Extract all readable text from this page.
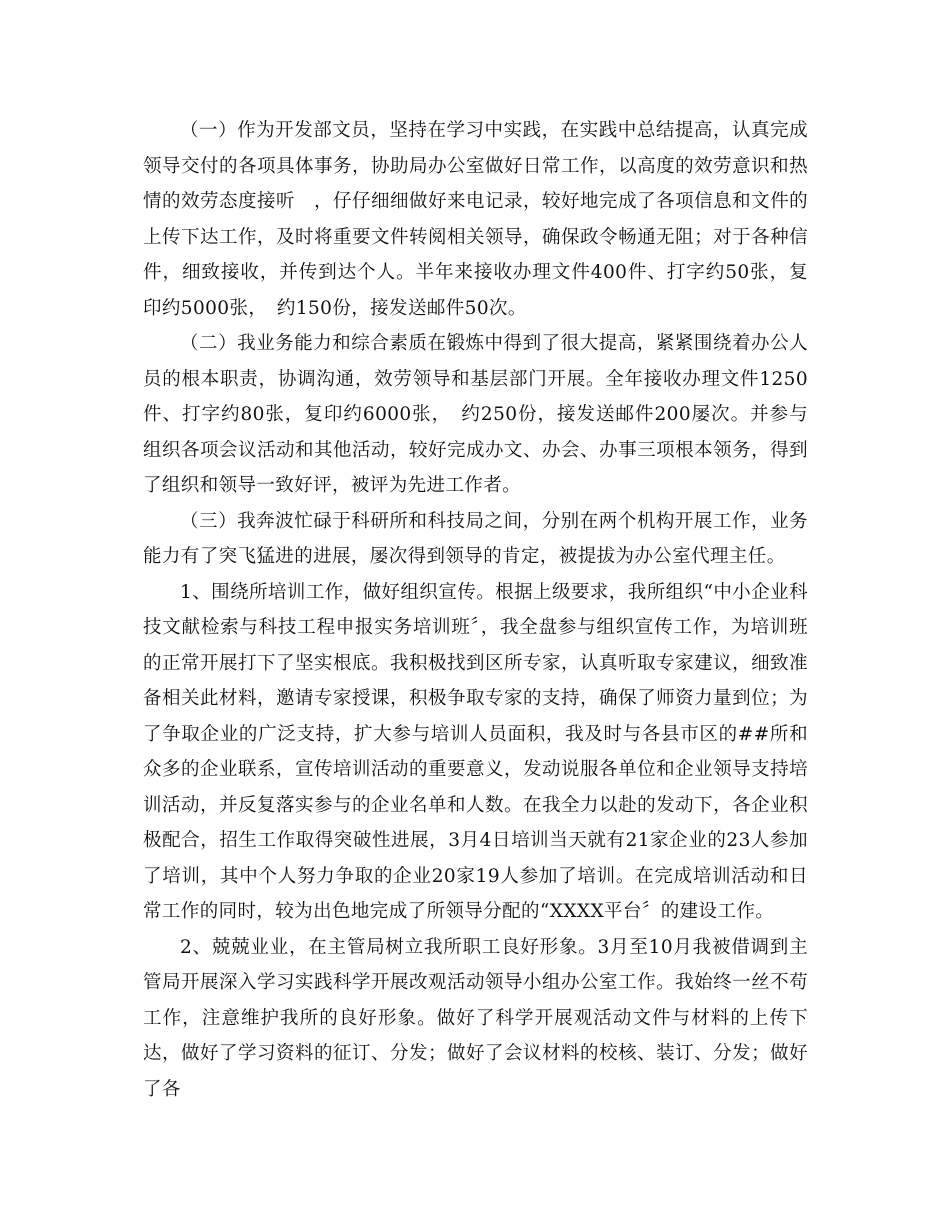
（一）作为开发部文员，坚持在学习中实践，在实践中总结提高，认真完成领导交付的各项具体事务，协助局办公室做好日常工作，以高度的效劳意识和热情的效劳态度接听　，仔仔细细做好来电记录，较好地完成了各项信息和文件的上传下达工作，及时将重要文件转阅相关领导，确保政令畅通无阻；对于各种信件，细致接收，并传到达个人。半年来接收办理文件400件、打字约50张，复印约5000张，　约150份，接发送邮件50次。

（二）我业务能力和综合素质在锻炼中得到了很大提高，紧紧围绕着办公人员的根本职责，协调沟通，效劳领导和基层部门开展。全年接收办理文件1250件、打字约80张，复印约6000张，　约250份，接发送邮件200屡次。并参与组织各项会议活动和其他活动，较好完成办文、办会、办事三项根本领务，得到了组织和领导一致好评，被评为先进工作者。

（三）我奔波忙碌于科研所和科技局之间，分别在两个机构开展工作，业务能力有了突飞猛进的进展，屡次得到领导的肯定，被提拔为办公室代理主任。

1、围绕所培训工作，做好组织宣传。根据上级要求，我所组织“中小企业科技文献检索与科技工程申报实务培训班〞，我全盘参与组织宣传工作，为培训班的正常开展打下了坚实根底。我积极找到区所专家，认真听取专家建议，细致准备相关此材料，邀请专家授课，积极争取专家的支持，确保了师资力量到位；为了争取企业的广泛支持，扩大参与培训人员面积，我及时与各县市区的##所和众多的企业联系，宣传培训活动的重要意义，发动说服各单位和企业领导支持培训活动，并反复落实参与的企业名单和人数。在我全力以赴的发动下，各企业积极配合，招生工作取得突破性进展，3月4日培训当天就有21家企业的23人参加了培训，其中个人努力争取的企业20家19人参加了培训。在完成培训活动和日常工作的同时，较为出色地完成了所领导分配的“XXXX平台〞的建设工作。

2、兢兢业业，在主管局树立我所职工良好形象。3月至10月我被借调到主管局开展深入学习实践科学开展改观活动领导小组办公室工作。我始终一丝不苟工作，注意维护我所的良好形象。做好了科学开展观活动文件与材料的上传下达，做好了学习资料的征订、分发；做好了会议材料的校核、装订、分发；做好了各
